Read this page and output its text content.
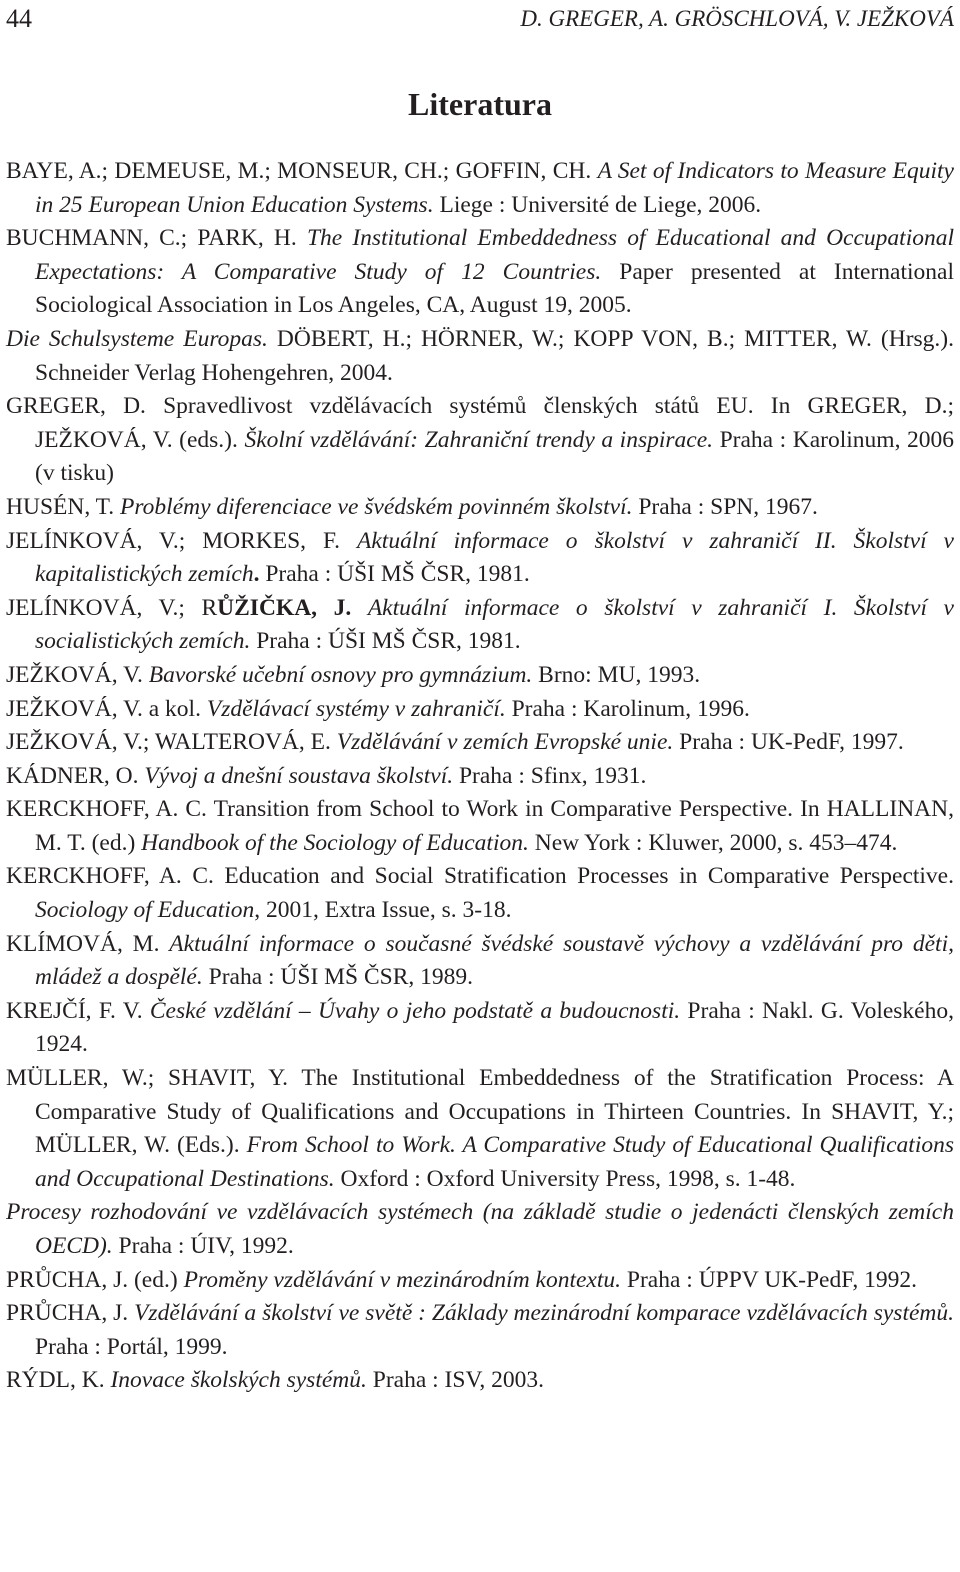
44	D. GREGER, A. GRÖSCHLOVÁ, V. JEŽKOVÁ
Literatura
BAYE, A.; DEMEUSE, M.; MONSEUR, CH.; GOFFIN, CH. A Set of Indicators to Measure Equity in 25 European Union Education Systems. Liege : Université de Liege, 2006.
BUCHMANN, C.; PARK, H. The Institutional Embeddedness of Educational and Occupational Expectations: A Comparative Study of 12 Countries. Paper presented at International Sociological Association in Los Angeles, CA, August 19, 2005.
Die Schulsysteme Europas. DÖBERT, H.; HÖRNER, W.; KOPP VON, B.; MITTER, W. (Hrsg.). Schneider Verlag Hohengehren, 2004.
GREGER, D. Spravedlivost vzdělávacích systémů členských států EU. In GREGER, D.; JEŽKOVÁ, V. (eds.). Školní vzdělávání: Zahraniční trendy a inspirace. Praha : Karolinum, 2006 (v tisku)
HUSÉN, T. Problémy diferenciace ve švédském povinném školství. Praha : SPN, 1967.
JELÍNKOVÁ, V.; MORKES, F. Aktuální informace o školství v zahraničí II. Školství v kapitalistických zemích. Praha : ÚŠI MŠ ČSR, 1981.
JELÍNKOVÁ, V.; RŮŽIČKA, J. Aktuální informace o školství v zahraničí I. Školství v socialistických zemích. Praha : ÚŠI MŠ ČSR, 1981.
JEŽKOVÁ, V. Bavorské učební osnovy pro gymnázium. Brno: MU, 1993.
JEŽKOVÁ, V. a kol. Vzdělávací systémy v zahraničí. Praha : Karolinum, 1996.
JEŽKOVÁ, V.; WALTEROVÁ, E. Vzdělávání v zemích Evropské unie. Praha : UK-PedF, 1997.
KÁDNER, O. Vývoj a dnešní soustava školství. Praha : Sfinx, 1931.
KERCKHOFF, A. C. Transition from School to Work in Comparative Perspective. In HALLINAN, M. T. (ed.) Handbook of the Sociology of Education. New York : Kluwer, 2000, s. 453–474.
KERCKHOFF, A. C. Education and Social Stratification Processes in Comparative Perspective. Sociology of Education, 2001, Extra Issue, s. 3-18.
KLÍMOVÁ, M. Aktuální informace o současné švédské soustavě výchovy a vzdělávání pro děti, mládež a dospělé. Praha : ÚŠI MŠ ČSR, 1989.
KREJČÍ, F. V. České vzdělání – Úvahy o jeho podstatě a budoucnosti. Praha : Nakl. G. Voleského, 1924.
MÜLLER, W.; SHAVIT, Y. The Institutional Embeddedness of the Stratification Process: A Comparative Study of Qualifications and Occupations in Thirteen Countries. In SHAVIT, Y.; MÜLLER, W. (Eds.). From School to Work. A Comparative Study of Educational Qualifications and Occupational Destinations. Oxford : Oxford University Press, 1998, s. 1-48.
Procesy rozhodování ve vzdělávacích systémech (na základě studie o jedenácti členských zemích OECD). Praha : ÚIV, 1992.
PRŮCHA, J. (ed.) Proměny vzdělávání v mezinárodním kontextu. Praha : ÚPPV UK-PedF, 1992.
PRŮCHA, J. Vzdělávání a školství ve světě : Základy mezinárodní komparace vzdělávacích systémů. Praha : Portál, 1999.
RÝDL, K. Inovace školských systémů. Praha : ISV, 2003.
